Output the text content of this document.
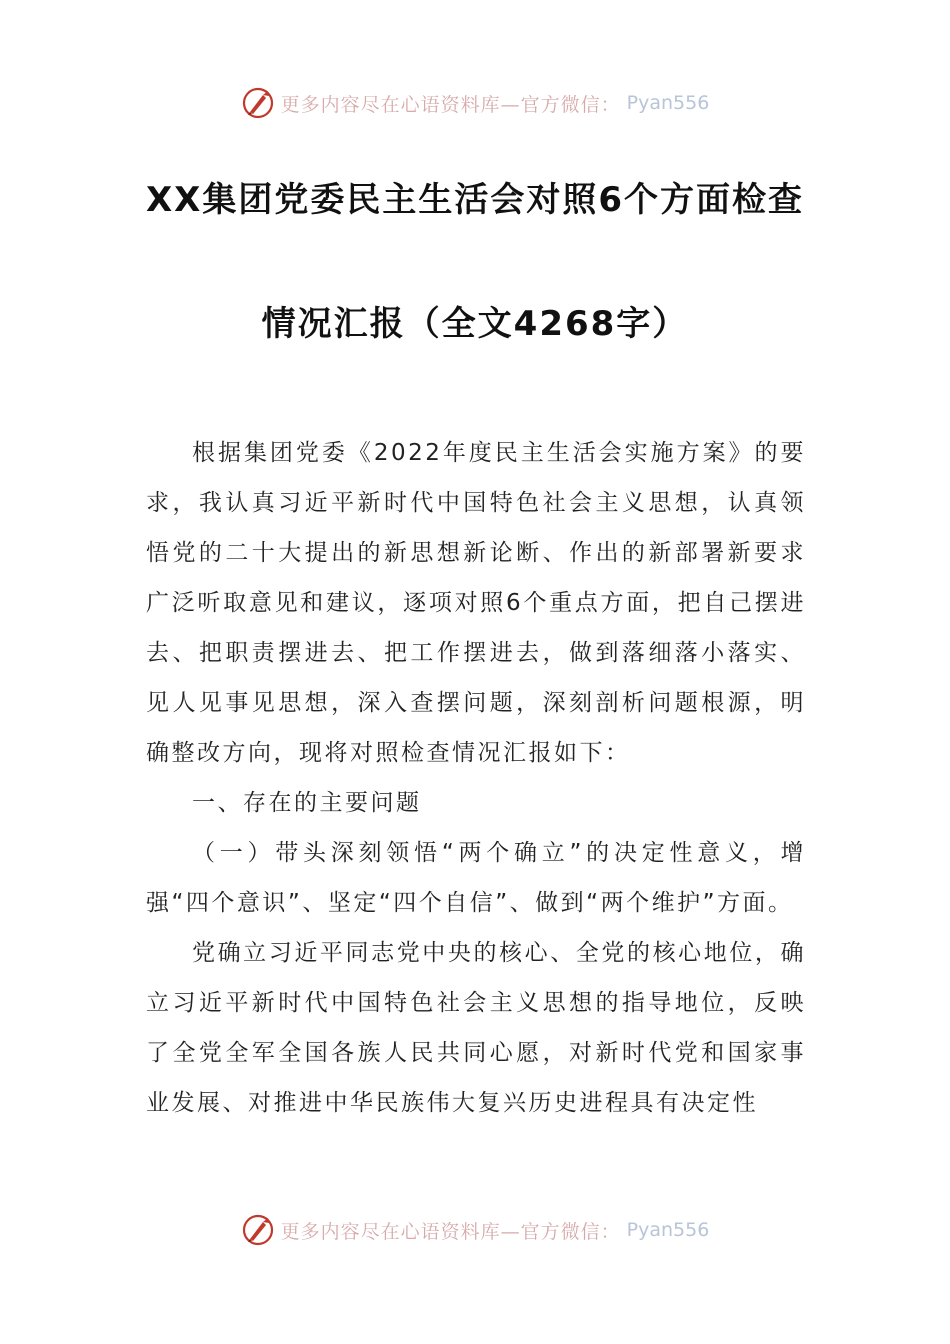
更多内容尽在心语资料库—官方微信： Pyan556
XX集团党委民主生活会对照6个方面检查
情况汇报（全文4268字）

根据集团党委《2022年度民主生活会实施方案》的要求，我认真习近平新时代中国特色社会主义思想，认真领悟党的二十大提出的新思想新论断、作出的新部署新要求广泛听取意见和建议，逐项对照6个重点方面，把自己摆进去、把职责摆进去、把工作摆进去，做到落细落小落实、见人见事见思想，深入查摆问题，深刻剖析问题根源，明确整改方向，现将对照检查情况汇报如下：

一、存在的主要问题

（一）带头深刻领悟“两个确立”的决定性意义，增强“四个意识”、坚定“四个自信”、做到“两个维护”方面。

党确立习近平同志党中央的核心、全党的核心地位，确立习近平新时代中国特色社会主义思想的指导地位，反映了全党全军全国各族人民共同心愿，对新时代党和国家事业发展、对推进中华民族伟大复兴历史进程具有决定性

更多内容尽在心语资料库—官方微信： Pyan556
